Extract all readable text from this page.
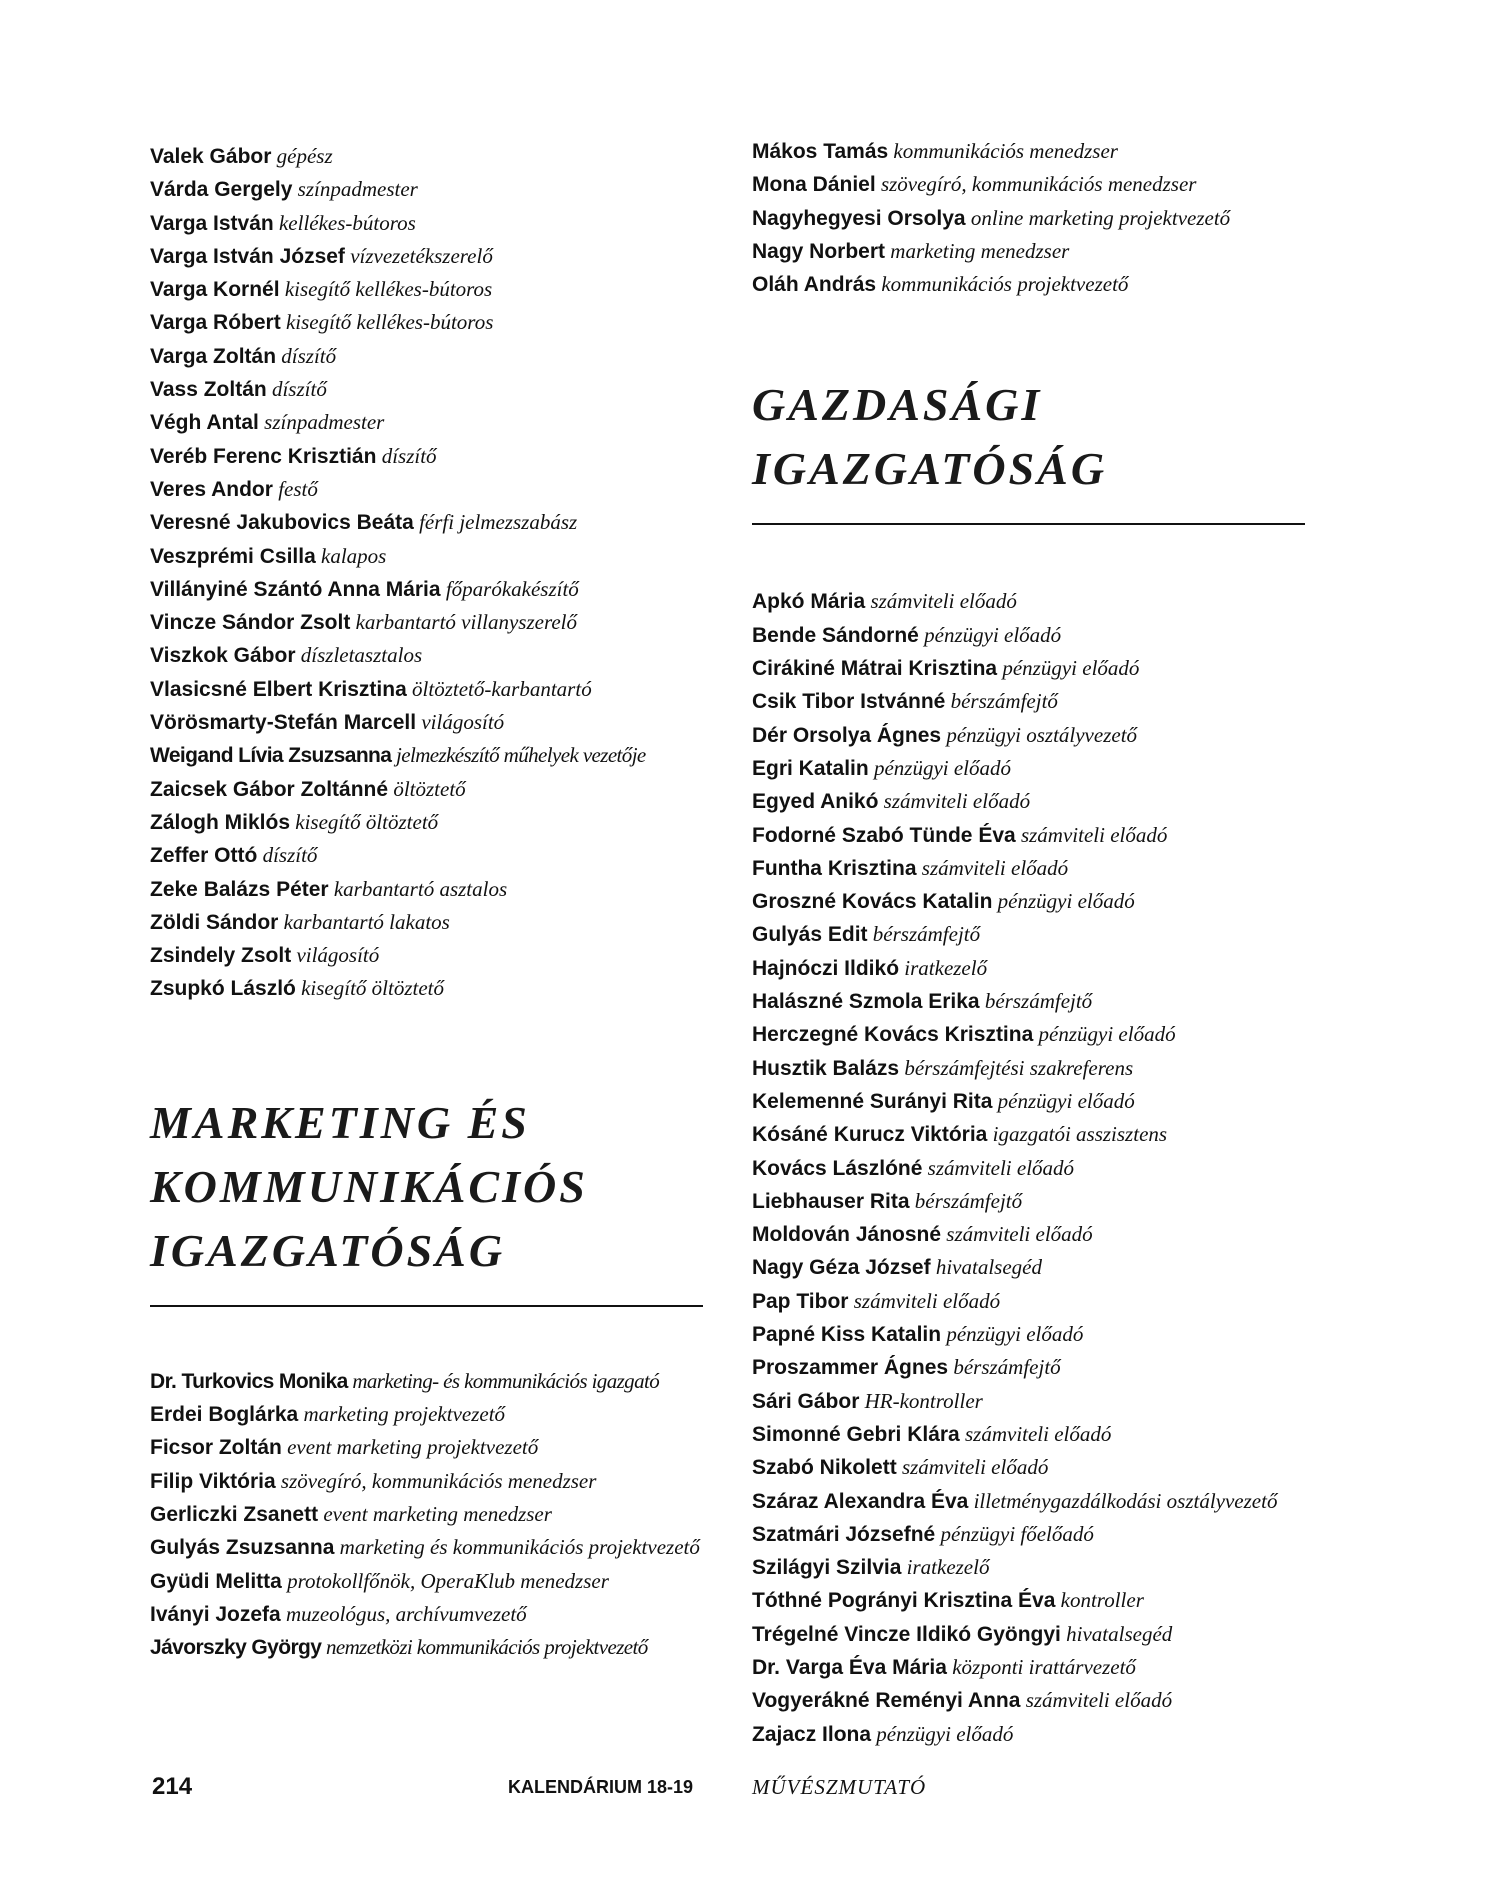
Valek Gábor gépész
Várda Gergely színpadmester
Varga István kellékes-bútoros
Varga István József vízvezetékszerelő
Varga Kornél kisegítő kellékes-bútoros
Varga Róbert kisegítő kellékes-bútoros
Varga Zoltán díszítő
Vass Zoltán díszítő
Végh Antal színpadmester
Veréb Ferenc Krisztián díszítő
Veres Andor festő
Veresné Jakubovics Beáta férfi jelmezszabász
Veszprémi Csilla kalapos
Villányiné Szántó Anna Mária főparókakészítő
Vincze Sándor Zsolt karbantartó villanyszerelő
Viszkok Gábor díszletasztalos
Vlasicsné Elbert Krisztina öltöztető-karbantartó
Vörösmarty-Stefán Marcell világosító
Weigand Lívia Zsuzsanna jelmezkészítő műhelyek vezetője
Zaicsek Gábor Zoltánné öltöztető
Zálogh Miklós kisegítő öltöztető
Zeffer Ottó díszítő
Zeke Balázs Péter karbantartó asztalos
Zöldi Sándor karbantartó lakatos
Zsindely Zsolt világosító
Zsupkó László kisegítő öltöztető
MARKETING ÉS
KOMMUNIKÁCIÓS
IGAZGATÓSÁG
Dr. Turkovics Monika marketing- és kommunikációs igazgató
Erdei Boglárka marketing projektvezető
Ficsor Zoltán event marketing projektvezető
Filip Viktória szövegíró, kommunikációs menedzser
Gerliczki Zsanett event marketing menedzser
Gulyás Zsuzsanna marketing és kommunikációs projektvezető
Gyüdi Melitta protokollfőnök, OperaKlub menedzser
Iványi Jozefa muzeológus, archívumvezető
Jávorszky György nemzetközi kommunikációs projektvezető
Mákos Tamás kommunikációs menedzser
Mona Dániel szövegíró, kommunikációs menedzser
Nagyhegyesi Orsolya online marketing projektvezető
Nagy Norbert marketing menedzser
Oláh András kommunikációs projektvezető
GAZDASÁGI
IGAZGATÓSÁG
Apkó Mária számviteli előadó
Bende Sándorné pénzügyi előadó
Cirákiné Mátrai Krisztina pénzügyi előadó
Csik Tibor Istvánné bérszámfejtő
Dér Orsolya Ágnes pénzügyi osztályvezető
Egri Katalin pénzügyi előadó
Egyed Anikó számviteli előadó
Fodorné Szabó Tünde Éva számviteli előadó
Funtha Krisztina számviteli előadó
Groszné Kovács Katalin pénzügyi előadó
Gulyás Edit bérszámfejtő
Hajnóczi Ildikó iratkezelő
Halászné Szmola Erika bérszámfejtő
Herczegné Kovács Krisztina pénzügyi előadó
Husztik Balázs bérszámfejtési szakreferens
Kelemenné Surányi Rita pénzügyi előadó
Kósáné Kurucz Viktória igazgatói asszisztens
Kovács Lászlóné számviteli előadó
Liebhauser Rita bérszámfejtő
Moldován Jánosné számviteli előadó
Nagy Géza József hivatalsegéd
Pap Tibor számviteli előadó
Papné Kiss Katalin pénzügyi előadó
Proszammer Ágnes bérszámfejtő
Sári Gábor HR-kontroller
Simonné Gebri Klára számviteli előadó
Szabó Nikolett számviteli előadó
Száraz Alexandra Éva illetménygazdálkodási osztályvezető
Szatmári Józsefné pénzügyi főelőadó
Szilágyi Szilvia iratkezelő
Tóthné Pogrányi Krisztina Éva kontroller
Trégelné Vincze Ildikó Gyöngyi hivatalsegéd
Dr. Varga Éva Mária központi irattárvezető
Vogyerákné Reményi Anna számviteli előadó
Zajacz Ilona pénzügyi előadó
214	KALENDÁRIUM 18-19	MŰVÉSZMUTATÓ
